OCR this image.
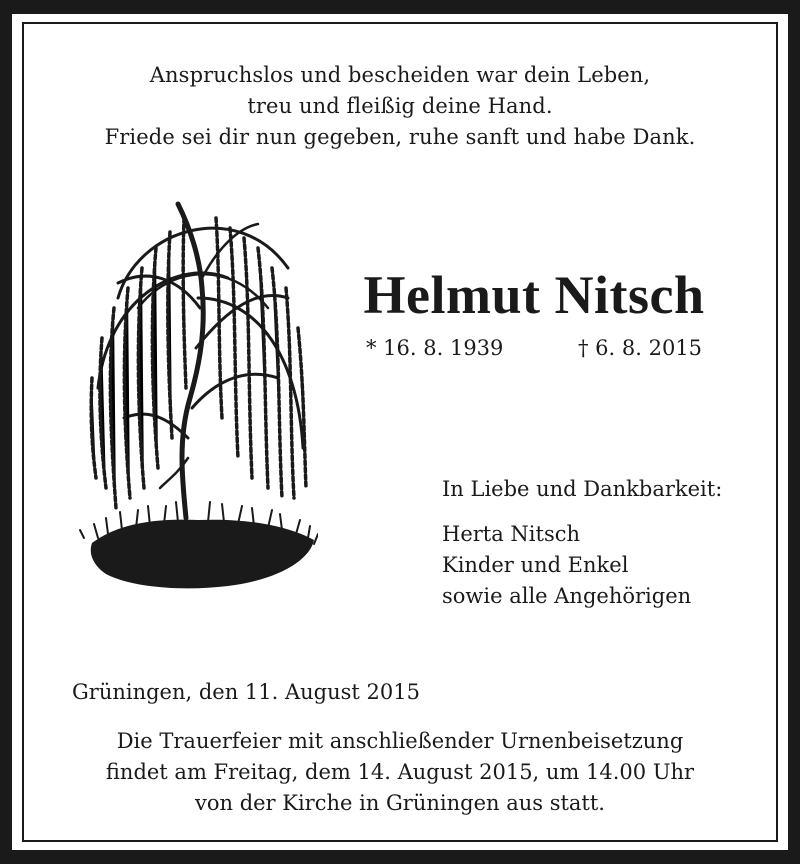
Anspruchslos und bescheiden war dein Leben,
treu und fleißig deine Hand.
Friede sei dir nun gegeben, ruhe sanft und habe Dank.
Helmut Nitsch
* 16. 8. 1939	† 6. 8. 2015
In Liebe und Dankbarkeit:
Herta Nitsch
Kinder und Enkel
sowie alle Angehörigen
Grüningen, den 11. August 2015
Die Trauerfeier mit anschließender Urnenbeisetzung
findet am Freitag, dem 14. August 2015, um 14.00 Uhr
von der Kirche in Grüningen aus statt.
